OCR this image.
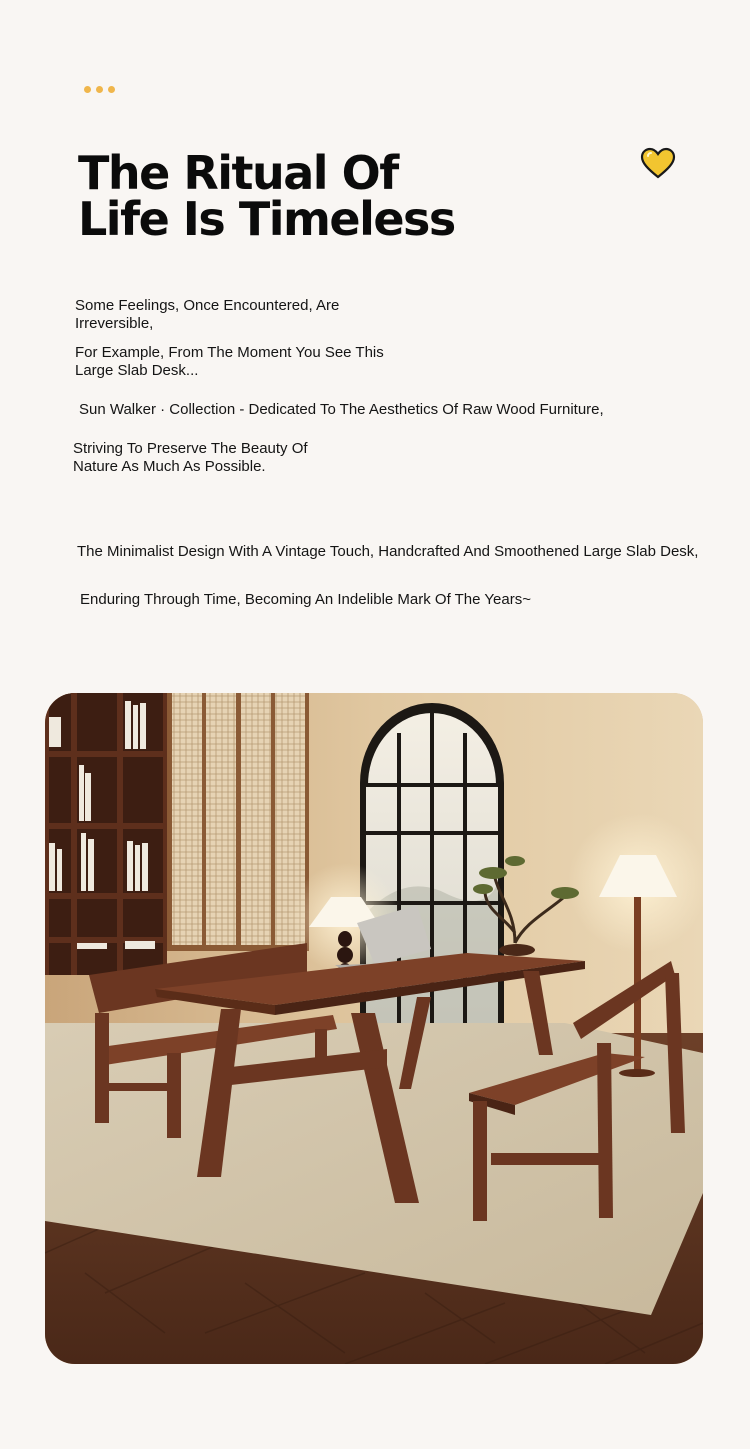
The Ritual Of
Life Is Timeless

Some Feelings, Once Encountered, Are
Irreversible,

For Example, From The Moment You See This
Large Slab Desk...

Sun Walker · Collection - Dedicated To The Aesthetics Of Raw Wood Furniture,

Striving To Preserve The Beauty Of
Nature As Much As Possible.

The Minimalist Design With A Vintage Touch, Handcrafted And Smoothened Large Slab Desk,

Enduring Through Time, Becoming An Indelible Mark Of The Years~
